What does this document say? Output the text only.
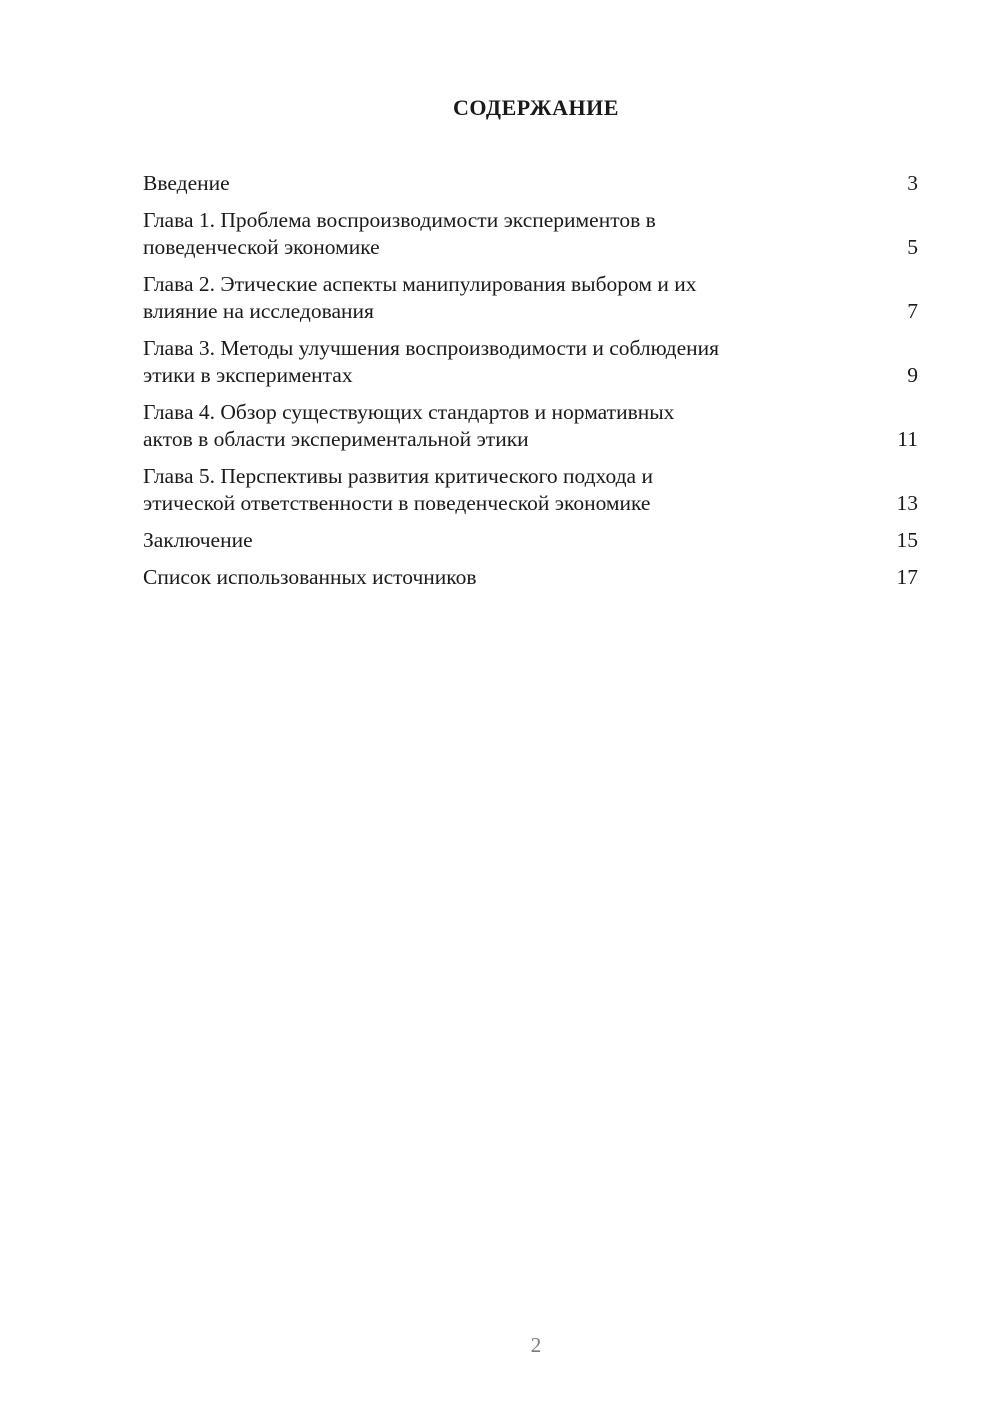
СОДЕРЖАНИЕ
Введение	3
Глава 1. Проблема воспроизводимости экспериментов в
поведенческой экономике	5
Глава 2. Этические аспекты манипулирования выбором и их
влияние на исследования	7
Глава 3. Методы улучшения воспроизводимости и соблюдения
этики в экспериментах	9
Глава 4. Обзор существующих стандартов и нормативных
актов в области экспериментальной этики	11
Глава 5. Перспективы развития критического подхода и
этической ответственности в поведенческой экономике	13
Заключение	15
Список использованных источников	17
2
